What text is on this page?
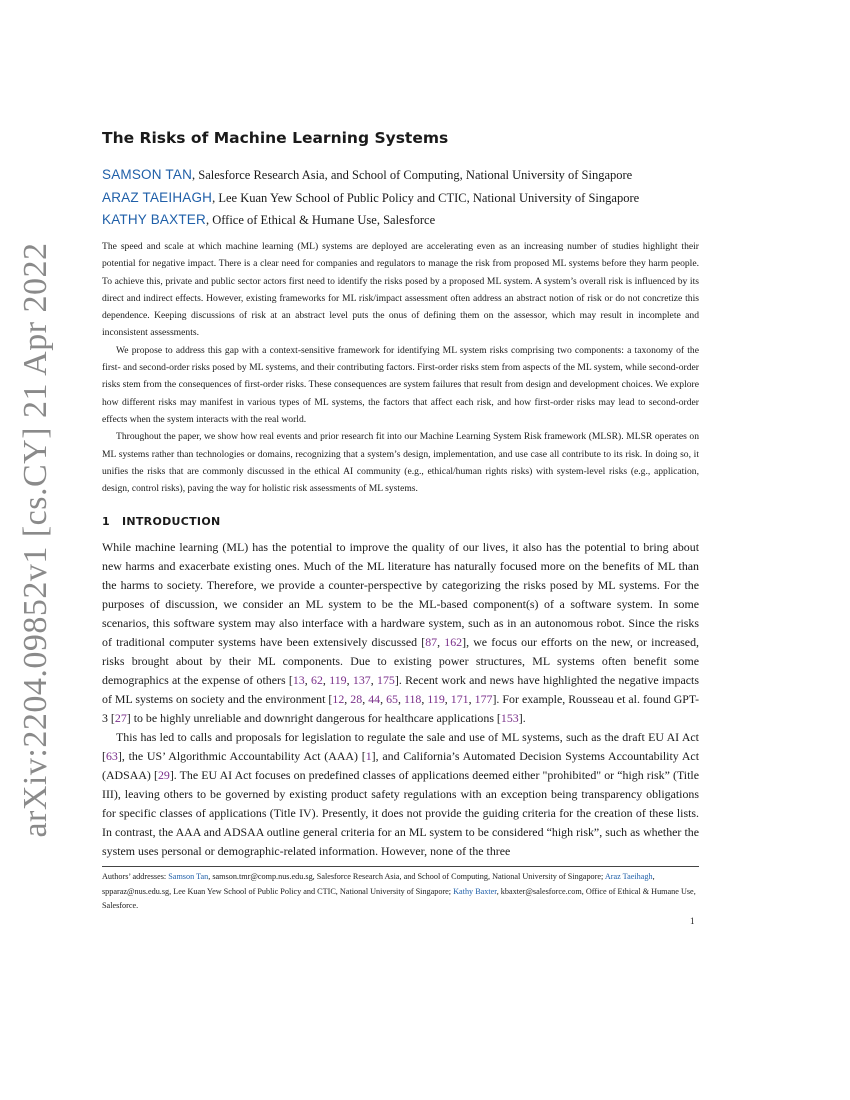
arXiv:2204.09852v1 [cs.CY] 21 Apr 2022
The Risks of Machine Learning Systems
SAMSON TAN, Salesforce Research Asia, and School of Computing, National University of Singapore
ARAZ TAEIHAGH, Lee Kuan Yew School of Public Policy and CTIC, National University of Singapore
KATHY BAXTER, Office of Ethical & Humane Use, Salesforce

The speed and scale at which machine learning (ML) systems are deployed are accelerating even as an increasing number of studies highlight their potential for negative impact. There is a clear need for companies and regulators to manage the risk from proposed ML systems before they harm people. To achieve this, private and public sector actors first need to identify the risks posed by a proposed ML system. A system’s overall risk is influenced by its direct and indirect effects. However, existing frameworks for ML risk/impact assessment often address an abstract notion of risk or do not concretize this dependence. Keeping discussions of risk at an abstract level puts the onus of defining them on the assessor, which may result in incomplete and inconsistent assessments.

We propose to address this gap with a context-sensitive framework for identifying ML system risks comprising two components: a taxonomy of the first- and second-order risks posed by ML systems, and their contributing factors. First-order risks stem from aspects of the ML system, while second-order risks stem from the consequences of first-order risks. These consequences are system failures that result from design and development choices. We explore how different risks may manifest in various types of ML systems, the factors that affect each risk, and how first-order risks may lead to second-order effects when the system interacts with the real world.

Throughout the paper, we show how real events and prior research fit into our Machine Learning System Risk framework (MLSR). MLSR operates on ML systems rather than technologies or domains, recognizing that a system’s design, implementation, and use case all contribute to its risk. In doing so, it unifies the risks that are commonly discussed in the ethical AI community (e.g., ethical/human rights risks) with system-level risks (e.g., application, design, control risks), paving the way for holistic risk assessments of ML systems.

1 INTRODUCTION

While machine learning (ML) has the potential to improve the quality of our lives, it also has the potential to bring about new harms and exacerbate existing ones. Much of the ML literature has naturally focused more on the benefits of ML than the harms to society. Therefore, we provide a counter-perspective by categorizing the risks posed by ML systems. For the purposes of discussion, we consider an ML system to be the ML-based component(s) of a software system. In some scenarios, this software system may also interface with a hardware system, such as in an autonomous robot. Since the risks of traditional computer systems have been extensively discussed [87, 162], we focus our efforts on the new, or increased, risks brought about by their ML components. Due to existing power structures, ML systems often benefit some demographics at the expense of others [13, 62, 119, 137, 175]. Recent work and news have highlighted the negative impacts of ML systems on society and the environment [12, 28, 44, 65, 118, 119, 171, 177]. For example, Rousseau et al. found GPT-3 [27] to be highly unreliable and downright dangerous for healthcare applications [153].

This has led to calls and proposals for legislation to regulate the sale and use of ML systems, such as the draft EU AI Act [63], the US’ Algorithmic Accountability Act (AAA) [1], and California’s Automated Decision Systems Accountability Act (ADSAA) [29]. The EU AI Act focuses on predefined classes of applications deemed either "prohibited" or “high risk” (Title III), leaving others to be governed by existing product safety regulations with an exception being transparency obligations for specific classes of applications (Title IV). Presently, it does not provide the guiding criteria for the creation of these lists. In contrast, the AAA and ADSAA outline general criteria for an ML system to be considered “high risk”, such as whether the system uses personal or demographic-related information. However, none of the three

Authors’ addresses: Samson Tan, samson.tmr@comp.nus.edu.sg, Salesforce Research Asia, and School of Computing, National University of Singapore; Araz Taeihagh, spparaz@nus.edu.sg, Lee Kuan Yew School of Public Policy and CTIC, National University of Singapore; Kathy Baxter, kbaxter@salesforce.com, Office of Ethical & Humane Use, Salesforce.
1
